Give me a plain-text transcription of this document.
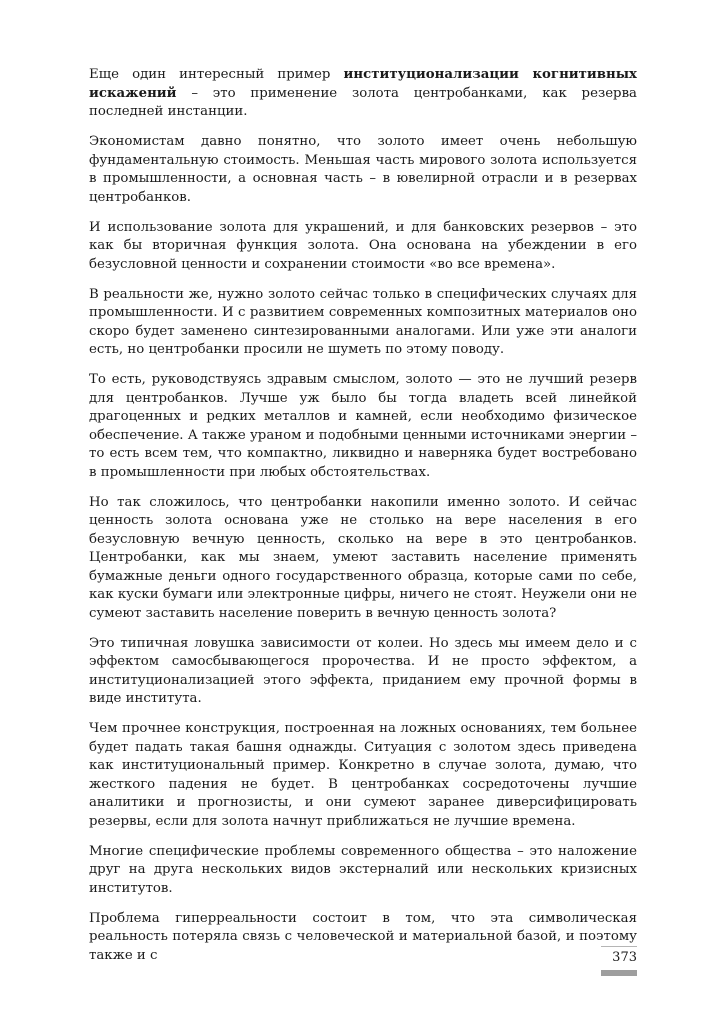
Еще один интересный пример институционализации когнитивных искажений – это применение золота центробанками, как резерва последней инстанции.

Экономистам давно понятно, что золото имеет очень небольшую фундаментальную стоимость. Меньшая часть мирового золота используется в промышленности, а основная часть – в ювелирной отрасли и в резервах центробанков.

И использование золота для украшений, и для банковских резервов – это как бы вторичная функция золота. Она основана на убеждении в его безусловной ценности и сохранении стоимости «во все времена».

В реальности же, нужно золото сейчас только в специфических случаях для промышленности. И с развитием современных композитных материалов оно скоро будет заменено синтезированными аналогами. Или уже эти аналоги есть, но центробанки просили не шуметь по этому поводу.

То есть, руководствуясь здравым смыслом, золото — это не лучший резерв для центробанков. Лучше уж было бы тогда владеть всей линейкой драгоценных и редких металлов и камней, если необходимо физическое обеспечение. А также ураном и подобными ценными источниками энергии – то есть всем тем, что компактно, ликвидно и наверняка будет востребовано в промышленности при любых обстоятельствах.

Но так сложилось, что центробанки накопили именно золото. И сейчас ценность золота основана уже не столько на вере населения в его безусловную вечную ценность, сколько на вере в это центробанков. Центробанки, как мы знаем, умеют заставить население применять бумажные деньги одного государственного образца, которые сами по себе, как куски бумаги или электронные цифры, ничего не стоят. Неужели они не сумеют заставить население поверить в вечную ценность золота?

Это типичная ловушка зависимости от колеи. Но здесь мы имеем дело и с эффектом самосбывающегося пророчества. И не просто эффектом, а институционализацией этого эффекта, приданием ему прочной формы в виде института.

Чем прочнее конструкция, построенная на ложных основаниях, тем больнее будет падать такая башня однажды. Ситуация с золотом здесь приведена как институциональный пример. Конкретно в случае золота, думаю, что жесткого падения не будет. В центробанках сосредоточены лучшие аналитики и прогнозисты, и они сумеют заранее диверсифицировать резервы, если для золота начнут приближаться не лучшие времена.

Многие специфические проблемы современного общества – это наложение друг на друга нескольких видов экстерналий или нескольких кризисных институтов.

Проблема гиперреальности состоит в том, что эта символическая реальность потеряла связь с человеческой и материальной базой, и поэтому также и с	373
